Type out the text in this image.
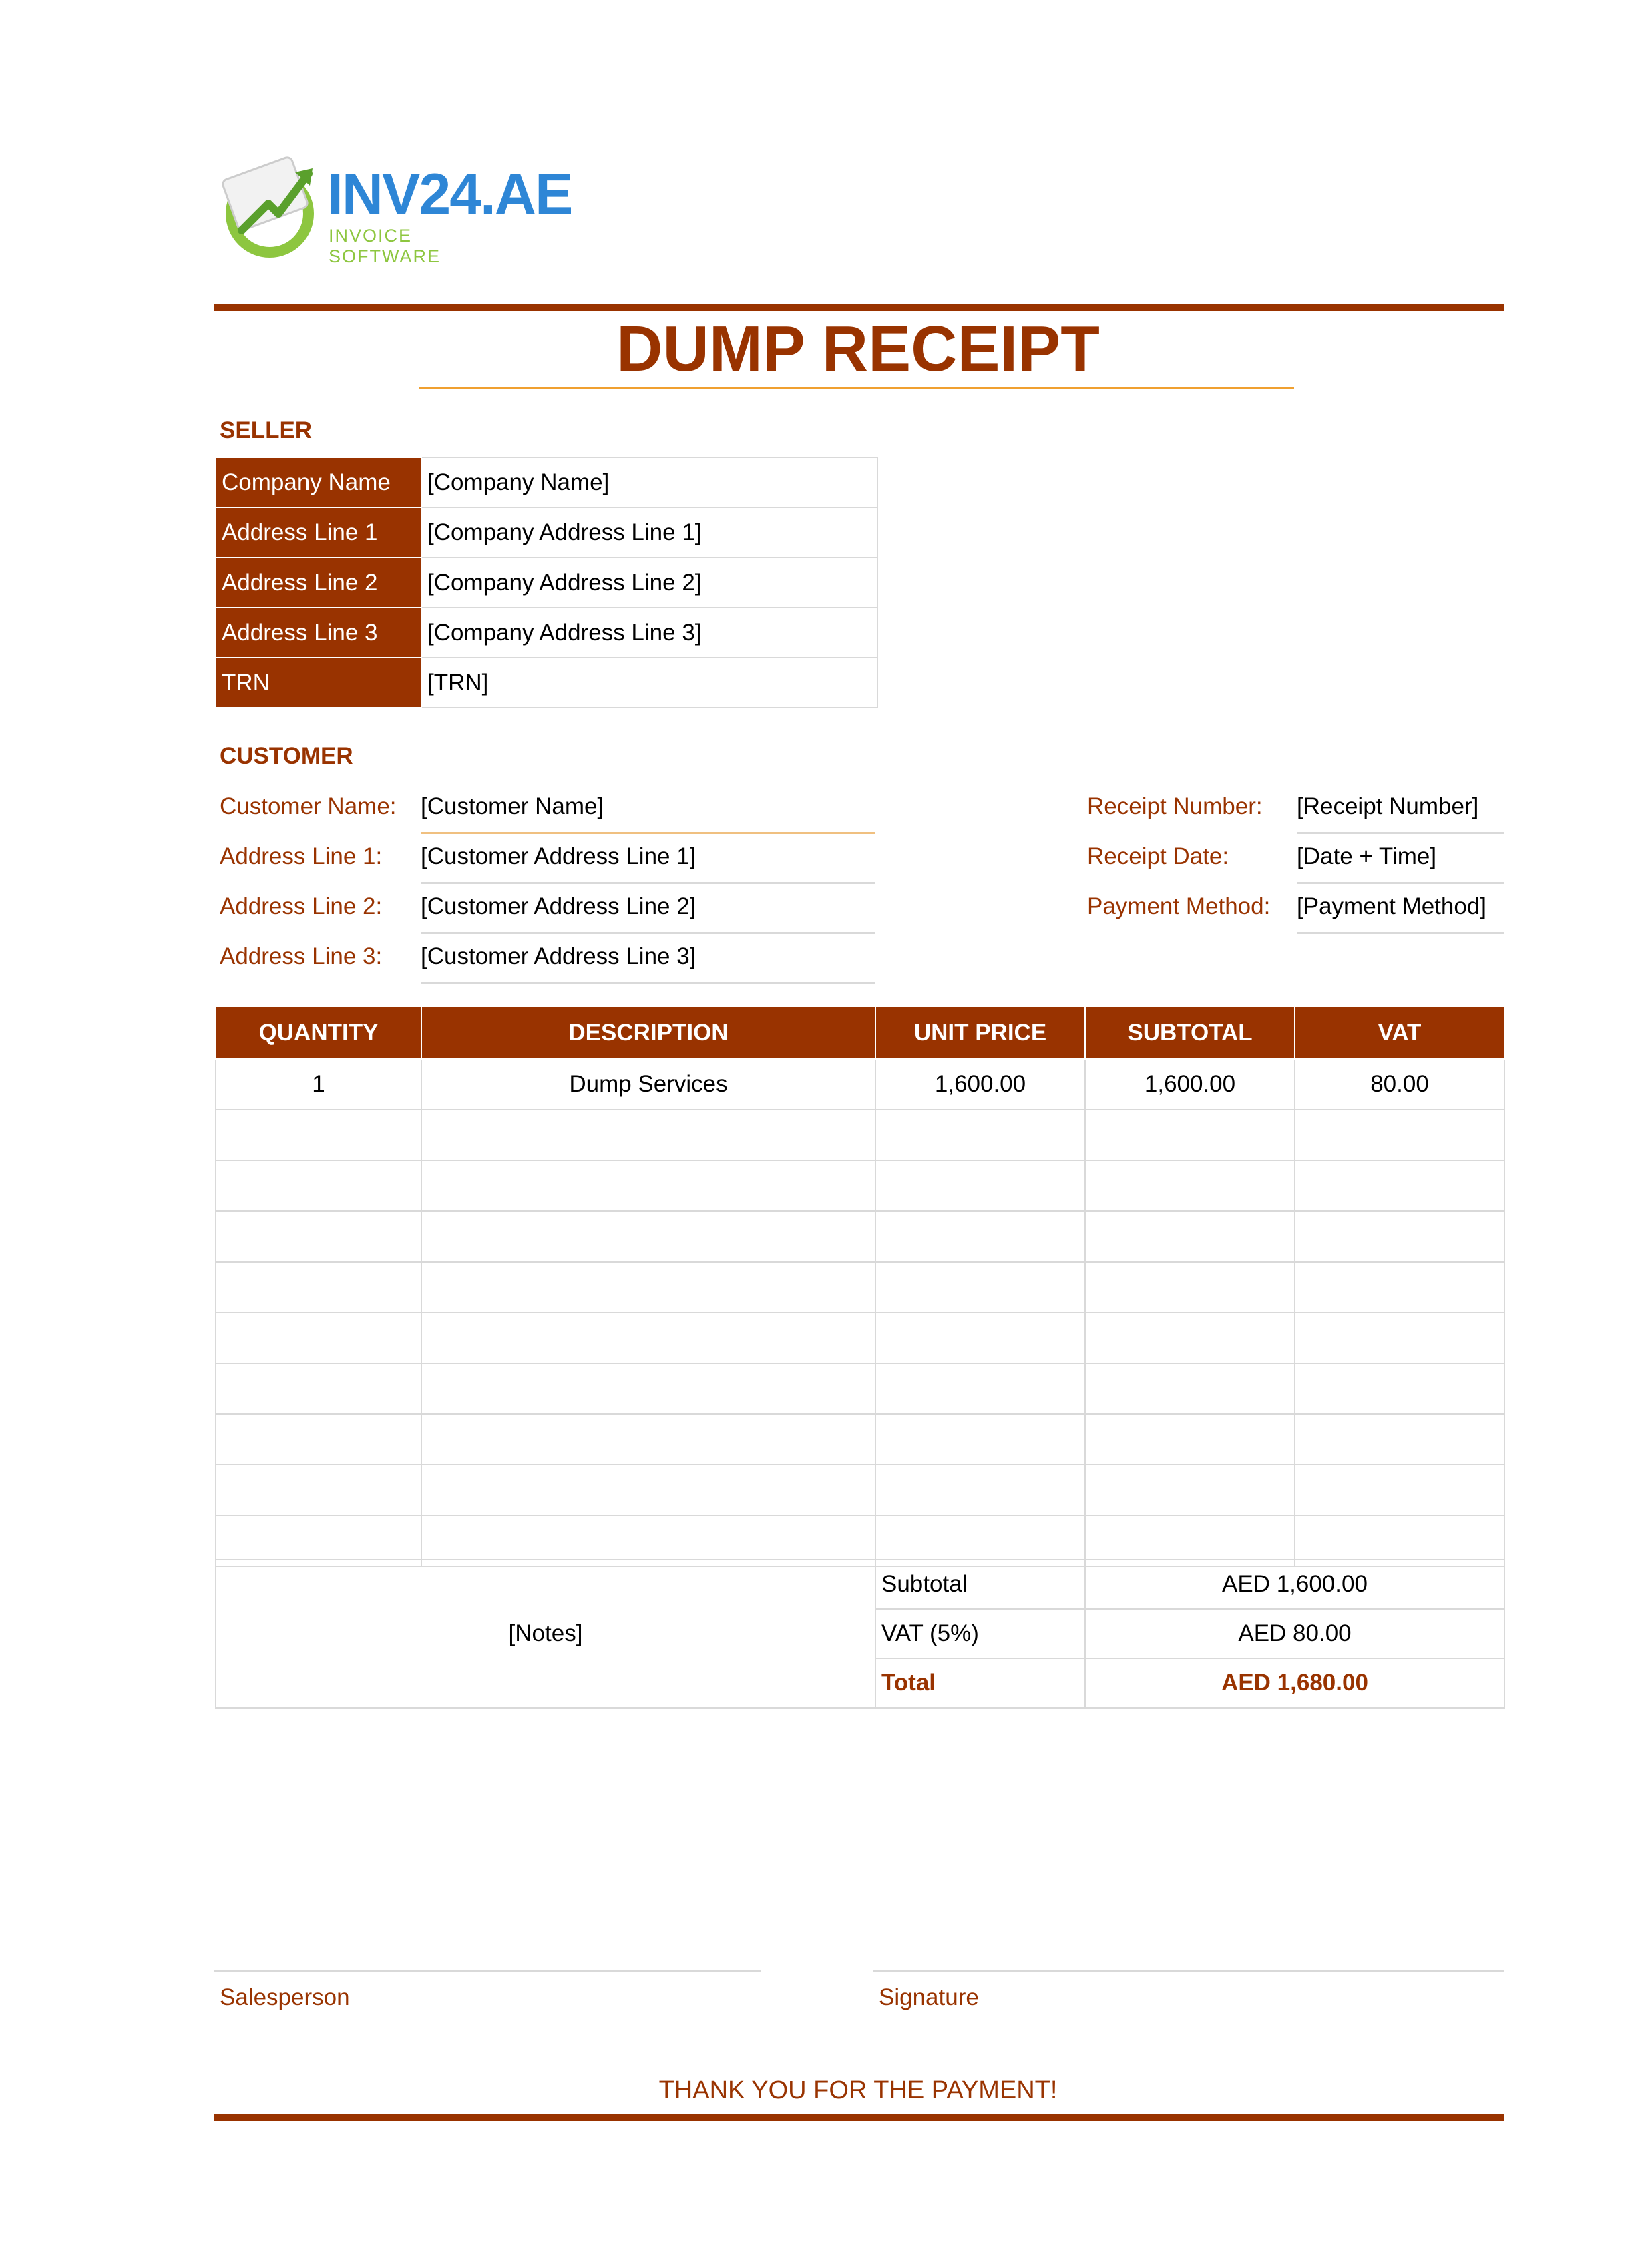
INV24.AE
INVOICE SOFTWARE
DUMP RECEIPT
SELLER
Company Name	[Company Name]
Address Line 1	[Company Address Line 1]
Address Line 2	[Company Address Line 2]
Address Line 3	[Company Address Line 3]
TRN	[TRN]
CUSTOMER
Customer Name: [Customer Name]
Address Line 1: [Customer Address Line 1]
Address Line 2: [Customer Address Line 2]
Address Line 3: [Customer Address Line 3]
Receipt Number: [Receipt Number]
Receipt Date:	[Date + Time]
Payment Method: [Payment Method]
QUANTITY	DESCRIPTION	UNIT PRICE	SUBTOTAL	VAT
1	Dump Services	1,600.00	1,600.00	80.00

[Notes]	Subtotal	AED 1,600.00
	VAT (5%)	AED 80.00
	Total	AED 1,680.00
Salesperson	Signature
THANK YOU FOR THE PAYMENT!
